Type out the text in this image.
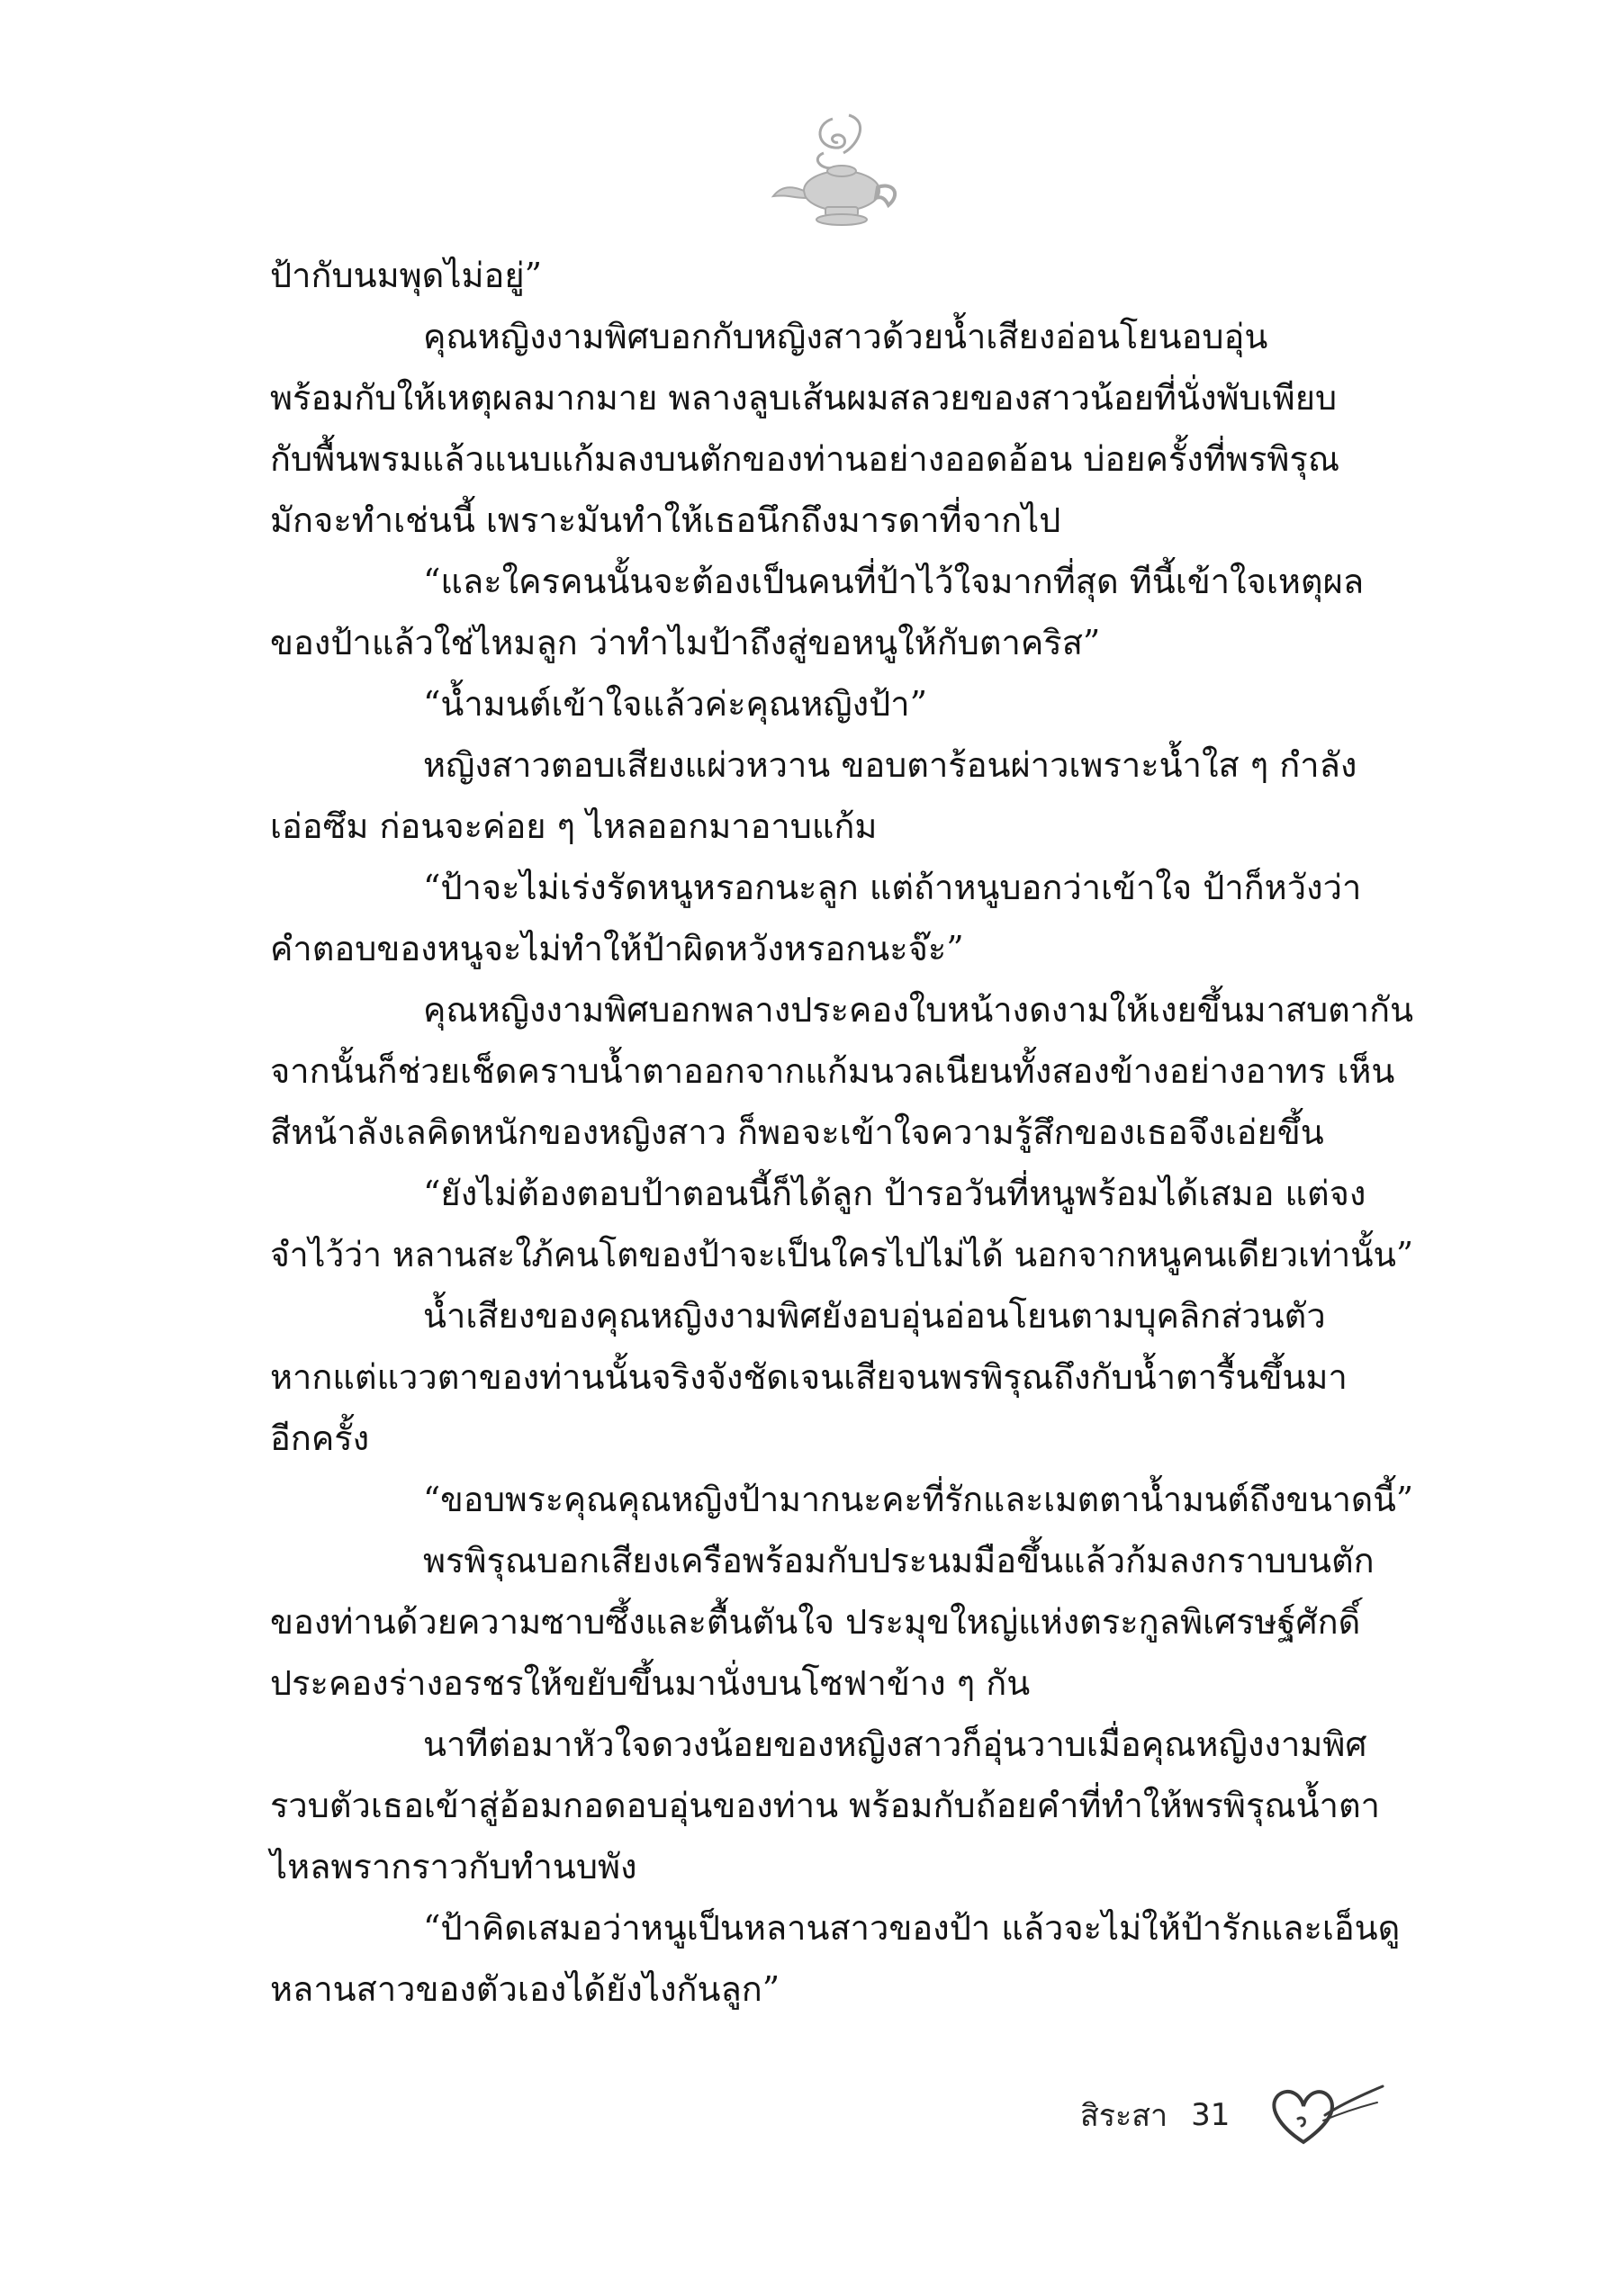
ป้ากับนมพุดไม่อยู่”
คุณหญิงงามพิศบอกกับหญิงสาวด้วยน้ำเสียงอ่อนโยนอบอุ่น
พร้อมกับให้เหตุผลมากมาย พลางลูบเส้นผมสลวยของสาวน้อยที่นั่งพับเพียบ
กับพื้นพรมแล้วแนบแก้มลงบนตักของท่านอย่างออดอ้อน บ่อยครั้งที่พรพิรุณ
มักจะทำเช่นนี้ เพราะมันทำให้เธอนึกถึงมารดาที่จากไป
“และใครคนนั้นจะต้องเป็นคนที่ป้าไว้ใจมากที่สุด ทีนี้เข้าใจเหตุผล
ของป้าแล้วใช่ไหมลูก ว่าทำไมป้าถึงสู่ขอหนูให้กับตาคริส”
“น้ำมนต์เข้าใจแล้วค่ะคุณหญิงป้า”
หญิงสาวตอบเสียงแผ่วหวาน ขอบตาร้อนผ่าวเพราะน้ำใส ๆ กำลัง
เอ่อซึม ก่อนจะค่อย ๆ ไหลออกมาอาบแก้ม
“ป้าจะไม่เร่งรัดหนูหรอกนะลูก แต่ถ้าหนูบอกว่าเข้าใจ ป้าก็หวังว่า
คำตอบของหนูจะไม่ทำให้ป้าผิดหวังหรอกนะจ๊ะ”
คุณหญิงงามพิศบอกพลางประคองใบหน้างดงามให้เงยขึ้นมาสบตากัน
จากนั้นก็ช่วยเช็ดคราบน้ำตาออกจากแก้มนวลเนียนทั้งสองข้างอย่างอาทร เห็น
สีหน้าลังเลคิดหนักของหญิงสาว ก็พอจะเข้าใจความรู้สึกของเธอจึงเอ่ยขึ้น
“ยังไม่ต้องตอบป้าตอนนี้ก็ได้ลูก ป้ารอวันที่หนูพร้อมได้เสมอ แต่จง
จำไว้ว่า หลานสะใภ้คนโตของป้าจะเป็นใครไปไม่ได้ นอกจากหนูคนเดียวเท่านั้น”
น้ำเสียงของคุณหญิงงามพิศยังอบอุ่นอ่อนโยนตามบุคลิกส่วนตัว
หากแต่แววตาของท่านนั้นจริงจังชัดเจนเสียจนพรพิรุณถึงกับน้ำตารื้นขึ้นมา
อีกครั้ง
“ขอบพระคุณคุณหญิงป้ามากนะคะที่รักและเมตตาน้ำมนต์ถึงขนาดนี้”
พรพิรุณบอกเสียงเครือพร้อมกับประนมมือขึ้นแล้วก้มลงกราบบนตัก
ของท่านด้วยความซาบซึ้งและตื้นตันใจ ประมุขใหญ่แห่งตระกูลพิเศรษฐ์ศักดิ์
ประคองร่างอรชรให้ขยับขึ้นมานั่งบนโซฟาข้าง ๆ กัน
นาทีต่อมาหัวใจดวงน้อยของหญิงสาวก็อุ่นวาบเมื่อคุณหญิงงามพิศ
รวบตัวเธอเข้าสู่อ้อมกอดอบอุ่นของท่าน พร้อมกับถ้อยคำที่ทำให้พรพิรุณน้ำตา
ไหลพรากราวกับทำนบพัง
“ป้าคิดเสมอว่าหนูเป็นหลานสาวของป้า แล้วจะไม่ให้ป้ารักและเอ็นดู
หลานสาวของตัวเองได้ยังไงกันลูก”
สิระสา 31
